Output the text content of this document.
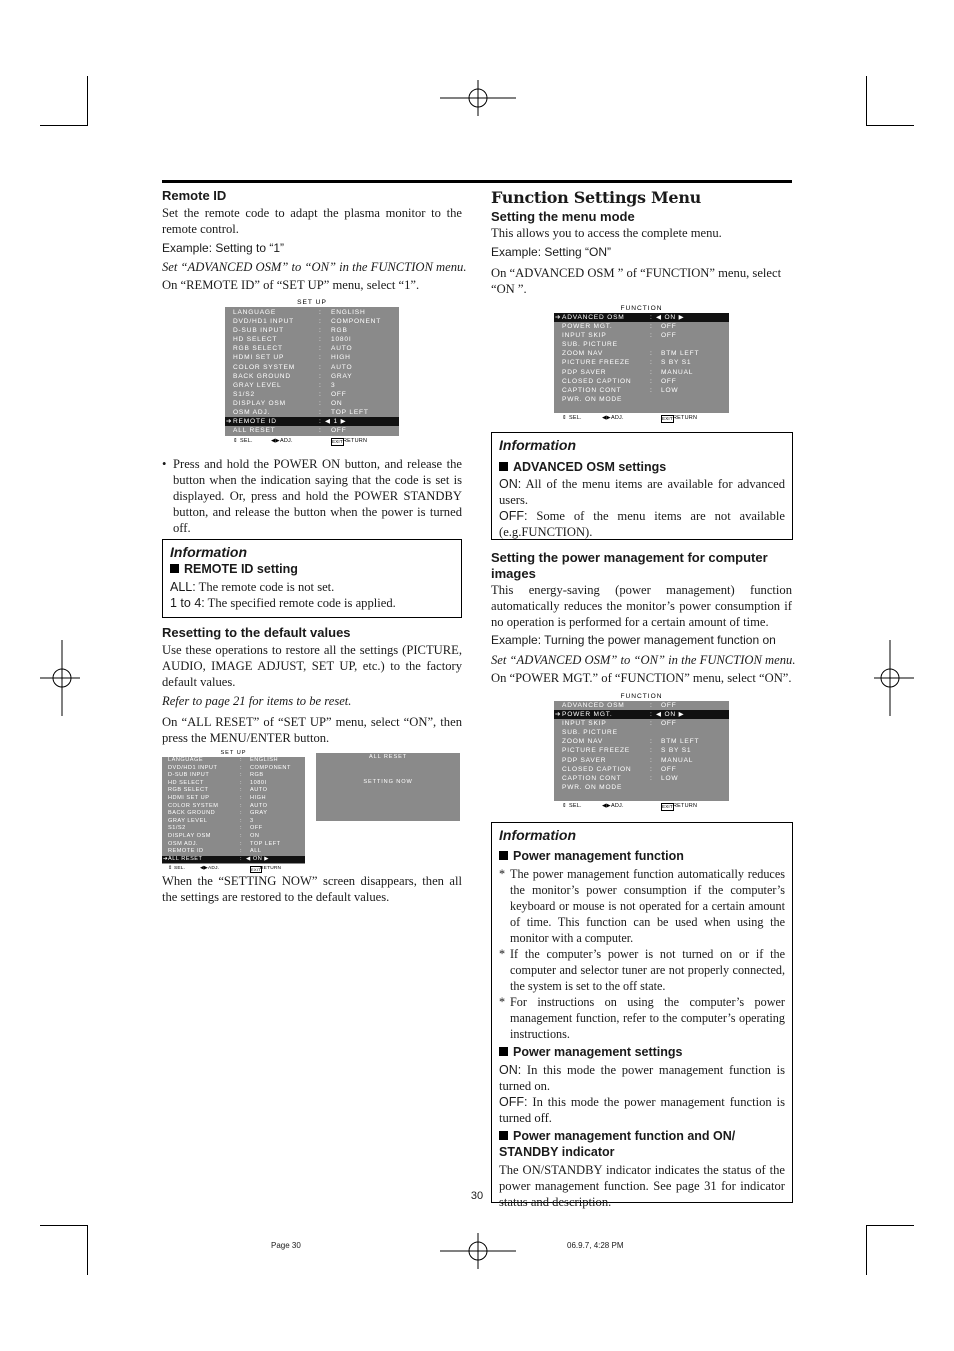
Remote ID

Set the remote code to adapt the plasma monitor to the remote control.

Example: Setting to “1”

Set “ADVANCED OSM” to “ON” in the FUNCTION menu.

On “REMOTE ID” of “SET UP” menu, select “1”.

SET UP
LANGUAGE	: ENGLISH
DVD/HD1 INPUT	: COMPONENT
D-SUB INPUT	: RGB
HD SELECT	: 1080I
RGB SELECT	: AUTO
HDMI SET UP	: HIGH
COLOR SYSTEM	: AUTO
BACK GROUND	: GRAY
GRAY LEVEL	: 3
S1/S2	: OFF
DISPLAY OSM	: ON
OSM ADJ.	: TOP LEFT
➔ REMOTE ID	: ◀ 1 ▶
ALL RESET	: OFF
⇕ SEL.	◀▶ ADJ.	EXIT RETURN
• Press and hold the POWER ON button, and release the button when the indication saying that the code is set is displayed. Or, press and hold the POWER STANDBY button, and release the button when the power is turned off.

Information
REMOTE ID setting

ALL: The remote code is not set.

1 to 4: The specified remote code is applied.

Resetting to the default values

Use these operations to restore all the settings (PICTURE, AUDIO, IMAGE ADJUST, SET UP, etc.) to the factory default values.

Refer to page 21 for items to be reset.

On “ALL RESET” of “SET UP” menu, select “ON”, then press the MENU/ENTER button.

SET UP
LANGUAGE	: ENGLISH
DVD/HD1 INPUT	: COMPONENT
D-SUB INPUT	: RGB
HD SELECT	: 1080I
RGB SELECT	: AUTO
HDMI SET UP	: HIGH
COLOR SYSTEM	: AUTO
BACK GROUND	: GRAY
GRAY LEVEL	: 3
S1/S2	: OFF
DISPLAY OSM	: ON
OSM ADJ.	: TOP LEFT
REMOTE ID	: ALL
➔ ALL RESET	: ◀ ON ▶
⇕ SEL.	◀▶ ADJ.	EXIT RETURN
ALL RESET
SETTING NOW

When the “SETTING NOW” screen disappears, then all the settings are restored to the default values.

Function Settings Menu
Setting the menu mode

This allows you to access the complete menu.

Example: Setting “ON”

On “ADVANCED OSM ” of “FUNCTION” menu, select “ON ”.

FUNCTION
➔ ADVANCED OSM	: ◀ ON ▶
POWER MGT.	: OFF
INPUT SKIP	: OFF
SUB. PICTURE
ZOOM NAV	: BTM LEFT
PICTURE FREEZE	: S BY S1
PDP SAVER	: MANUAL
CLOSED CAPTION	: OFF
CAPTION CONT	: LOW
PWR. ON MODE
⇕ SEL.	◀▶ ADJ.	EXIT RETURN
Information
ADVANCED OSM settings

ON: All of the menu items are available for advanced users.

OFF: Some of the menu items are not available (e.g.FUNCTION).

Setting the power management for computer images

This energy-saving (power management) function automatically reduces the monitor’s power consumption if no operation is performed for a certain amount of time.

Example: Turning the power management function on

Set “ADVANCED OSM” to “ON” in the FUNCTION menu.

On “POWER MGT.” of “FUNCTION” menu, select “ON”.

FUNCTION
ADVANCED OSM	: OFF
➔ POWER MGT.	: ◀ ON ▶
INPUT SKIP	: OFF
SUB. PICTURE
ZOOM NAV	: BTM LEFT
PICTURE FREEZE	: S BY S1
PDP SAVER	: MANUAL
CLOSED CAPTION	: OFF
CAPTION CONT	: LOW
PWR. ON MODE
⇕ SEL.	◀▶ ADJ.	EXIT RETURN
Information
Power management function

* The power management function automatically reduces the monitor’s power consumption if the computer’s keyboard or mouse is not operated for a certain amount of time. This function can be used when using the monitor with a computer.

* If the computer’s power is not turned on or if the computer and selector tuner are not properly connected, the system is set to the off state.

* For instructions on using the computer’s power management function, refer to the computer’s operating instructions.

Power management settings

ON: In this mode the power management function is turned on.

OFF: In this mode the power management function is turned off.

Power management function and ON/ STANDBY indicator

The ON/STANDBY indicator indicates the status of the power management function. See page 31 for indicator status and description.

30
Page 30	06.9.7, 4:28 PM
